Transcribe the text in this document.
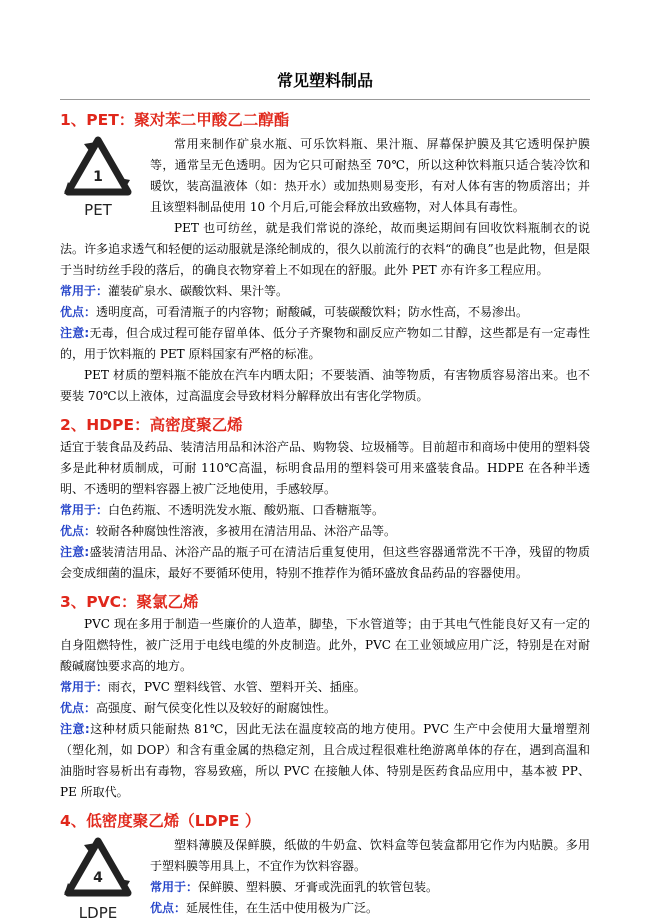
常见塑料制品
1、PET：聚对苯二甲酸乙二醇酯
1
PET

常用来制作矿泉水瓶、可乐饮料瓶、果汁瓶、屏幕保护膜及其它透明保护膜等，通常呈无色透明。因为它只可耐热至 70℃，所以这种饮料瓶只适合装冷饮和暖饮，装高温液体（如：热开水）或加热则易变形，有对人体有害的物质溶出；并且该塑料制品使用 10 个月后,可能会释放出致癌物，对人体具有毒性。

PET 也可纺丝，就是我们常说的涤纶，故而奥运期间有回收饮料瓶制衣的说法。许多追求透气和轻便的运动服就是涤纶制成的，很久以前流行的衣料“的确良”也是此物，但是限于当时纺丝手段的落后，的确良衣物穿着上不如现在的舒服。此外 PET 亦有许多工程应用。

常用于：灌装矿泉水、碳酸饮料、果汁等。

优点：透明度高，可看清瓶子的内容物；耐酸碱，可装碳酸饮料；防水性高，不易渗出。

注意:无毒，但合成过程可能存留单体、低分子齐聚物和副反应产物如二甘醇，这些都是有一定毒性的，用于饮料瓶的 PET 原料国家有严格的标准。

PET 材质的塑料瓶不能放在汽车内晒太阳；不要装酒、油等物质，有害物质容易溶出来。也不要装 70℃以上液体，过高温度会导致材料分解释放出有害化学物质。

2、HDPE：高密度聚乙烯

适宜于装食品及药品、装清洁用品和沐浴产品、购物袋、垃圾桶等。目前超市和商场中使用的塑料袋多是此种材质制成，可耐 110℃高温，标明食品用的塑料袋可用来盛装食品。HDPE 在各种半透明、不透明的塑料容器上被广泛地使用，手感较厚。

常用于：白色药瓶、不透明洗发水瓶、酸奶瓶、口香糖瓶等。

优点：较耐各种腐蚀性溶液，多被用在清洁用品、沐浴产品等。

注意:盛装清洁用品、沐浴产品的瓶子可在清洁后重复使用，但这些容器通常洗不干净，残留的物质会变成细菌的温床，最好不要循环使用，特别不推荐作为循环盛放食品药品的容器使用。

3、PVC：聚氯乙烯

PVC 现在多用于制造一些廉价的人造革，脚垫，下水管道等；由于其电气性能良好又有一定的自身阻燃特性，被广泛用于电线电缆的外皮制造。此外，PVC 在工业领域应用广泛，特别是在对耐酸碱腐蚀要求高的地方。

常用于：雨衣，PVC 塑料线管、水管、塑料开关、插座。

优点：高强度、耐气侯变化性以及较好的耐腐蚀性。

注意:这种材质只能耐热 81℃，因此无法在温度较高的地方使用。PVC 生产中会使用大量增塑剂（塑化剂，如 DOP）和含有重金属的热稳定剂，且合成过程很难杜绝游离单体的存在，遇到高温和油脂时容易析出有毒物，容易致癌，所以 PVC 在接触人体、特别是医药食品应用中，基本被 PP、PE 所取代。

4、低密度聚乙烯（LDPE ）
4
LDPE

塑料薄膜及保鲜膜，纸做的牛奶盒、饮料盒等包装盒都用它作为内贴膜。多用于塑料膜等用具上，不宜作为饮料容器。

常用于：保鲜膜、塑料膜、牙膏或洗面乳的软管包装。

优点：延展性佳，在生活中使用极为广泛。
